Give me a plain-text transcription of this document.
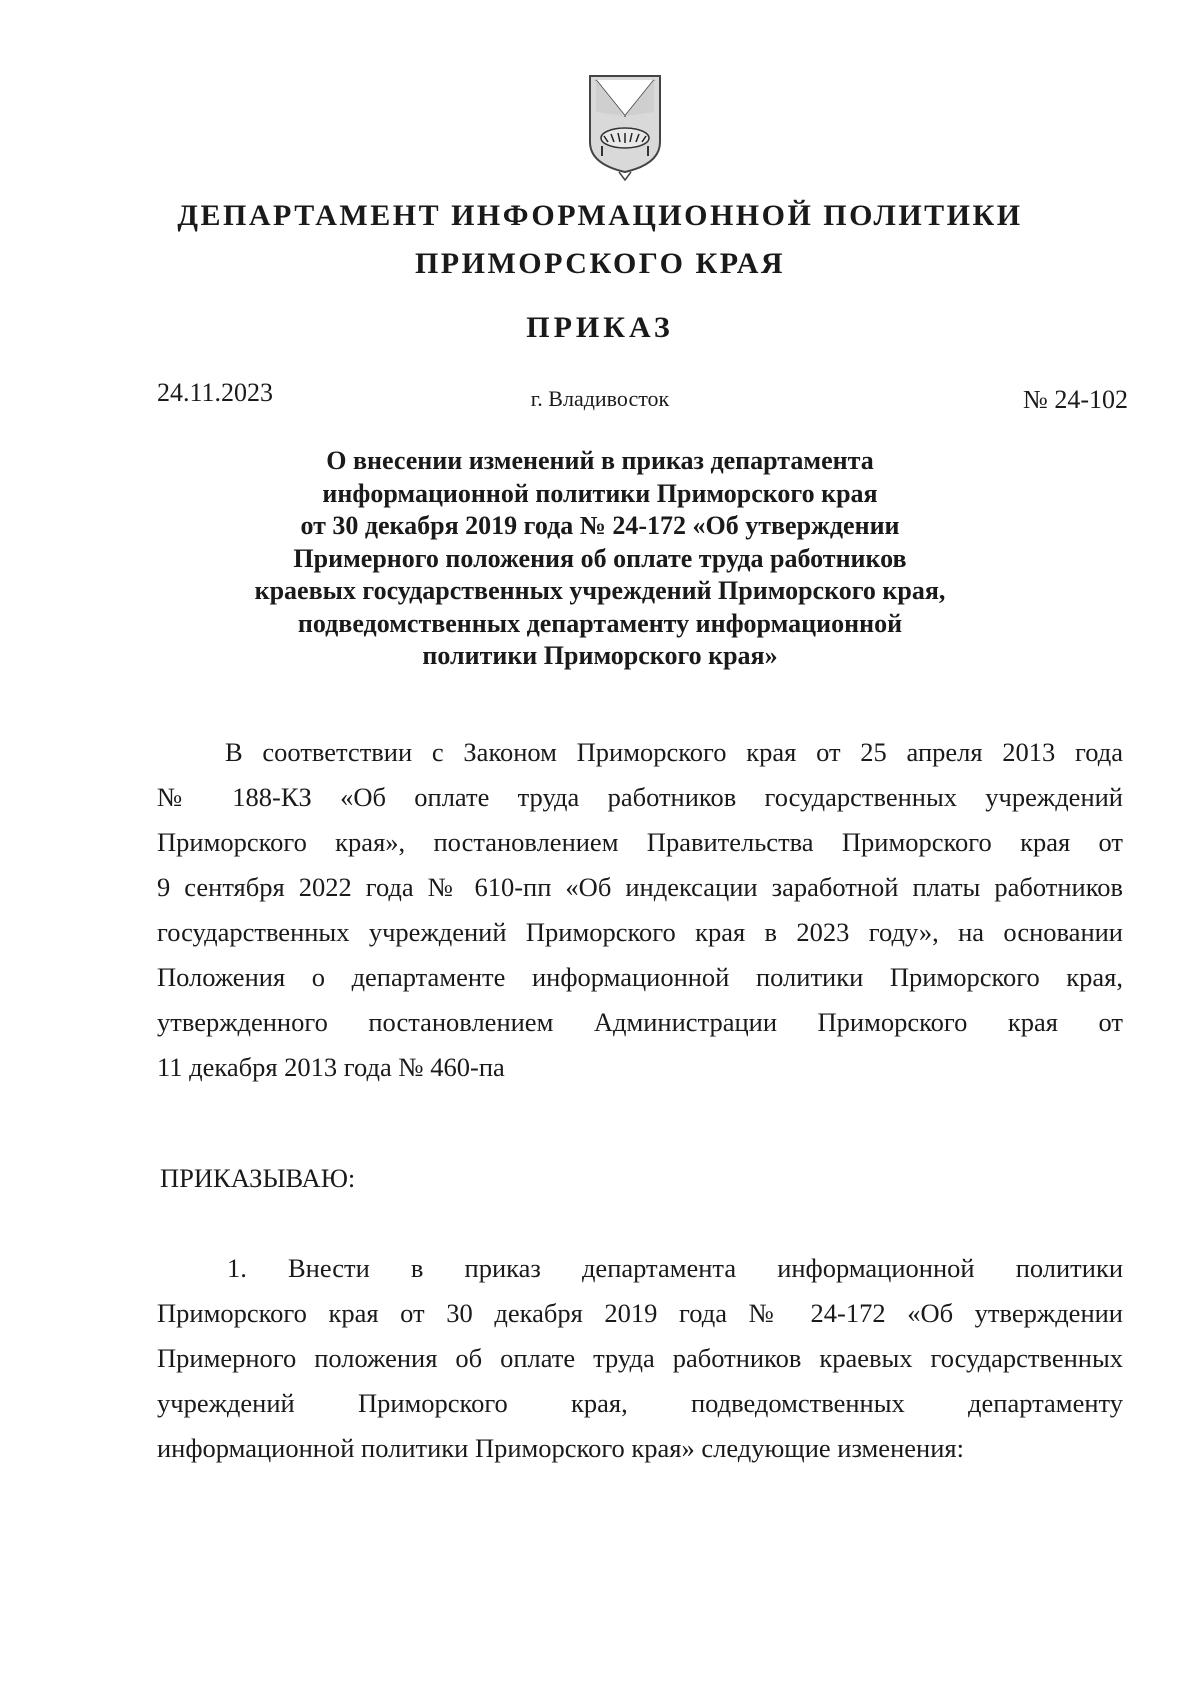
ДЕПАРТАМЕНТ ИНФОРМАЦИОННОЙ ПОЛИТИКИ
ПРИМОРСКОГО КРАЯ
ПРИКАЗ
24.11.2023	г. Владивосток	№ 24-102
О внесении изменений в приказ департамента
информационной политики Приморского края
от 30 декабря 2019 года № 24-172 «Об утверждении
Примерного положения об оплате труда работников
краевых государственных учреждений Приморского края,
подведомственных департаменту информационной
политики Приморского края»
В соответствии с Законом Приморского края от 25 апреля 2013 года
№ 188-КЗ «Об оплате труда работников государственных учреждений
Приморского края», постановлением Правительства Приморского края от
9 сентября 2022 года № 610-пп «Об индексации заработной платы работников
государственных учреждений Приморского края в 2023 году», на основании
Положения о департаменте информационной политики Приморского края,
утвержденного постановлением Администрации Приморского края от
11 декабря 2013 года № 460-па
ПРИКАЗЫВАЮ:
1. Внести в приказ департамента информационной политики
Приморского края от 30 декабря 2019 года № 24-172 «Об утверждении
Примерного положения об оплате труда работников краевых государственных
учреждений Приморского края, подведомственных департаменту
информационной политики Приморского края» следующие изменения:
